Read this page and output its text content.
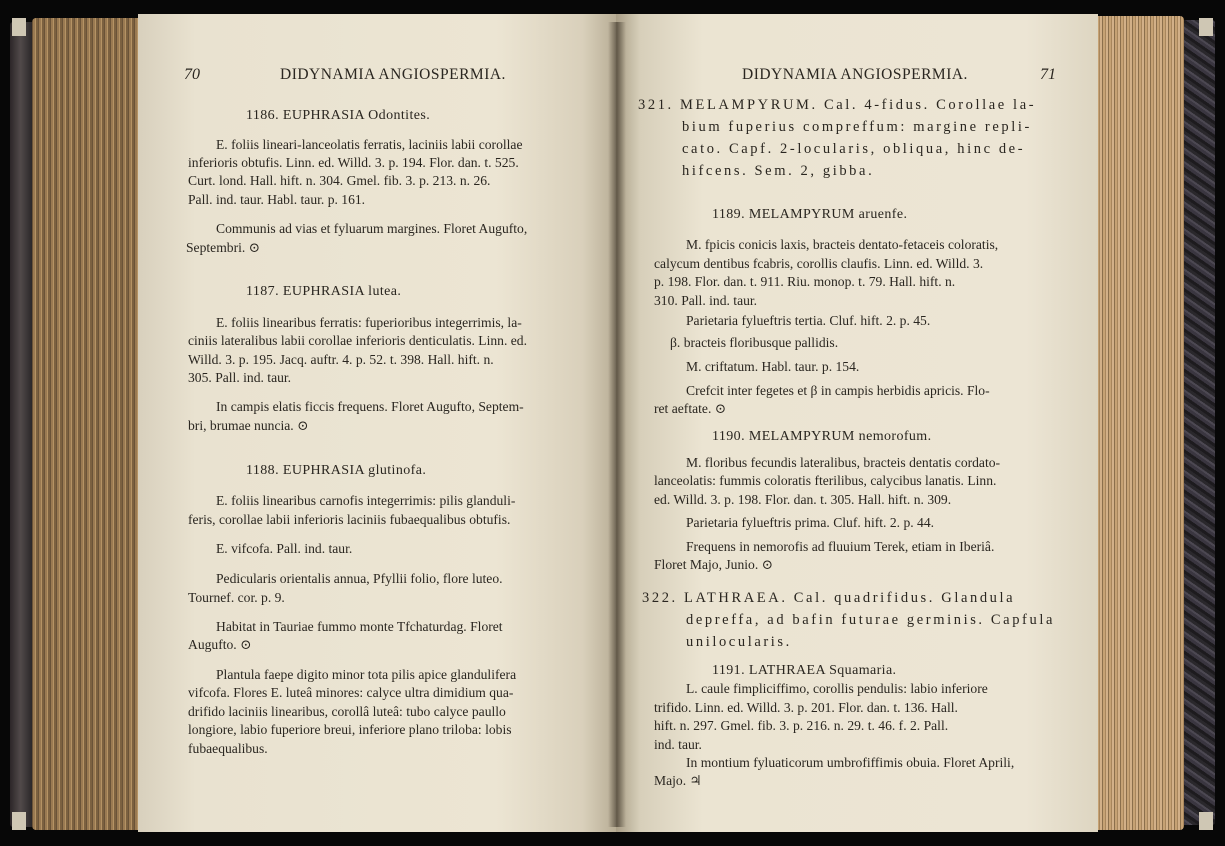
70	DIDYNAMIA ANGIOSPERMIA.
1186. EUPHRASIA Odontites.
E. foliis lineari-lanceolatis ferratis, laciniis labii corollae
inferioris obtufis. Linn. ed. Willd. 3. p. 194. Flor. dan. t. 525.
Curt. lond. Hall. hift. n. 304. Gmel. fib. 3. p. 213. n. 26.
Pall. ind. taur. Habl. taur. p. 161.
Communis ad vias et fyluarum margines. Floret Augufto,
Septembri. ⊙
1187. EUPHRASIA lutea.
E. foliis linearibus ferratis: fuperioribus integerrimis, la-
ciniis lateralibus labii corollae inferioris denticulatis. Linn. ed.
Willd. 3. p. 195. Jacq. auftr. 4. p. 52. t. 398. Hall. hift. n.
305. Pall. ind. taur.
In campis elatis ficcis frequens. Floret Augufto, Septem-
bri, brumae nuncia. ⊙
1188. EUPHRASIA glutinofa.
E. foliis linearibus carnofis integerrimis: pilis glanduli-
feris, corollae labii inferioris laciniis fubaequalibus obtufis.
E. vifcofa. Pall. ind. taur.
Pedicularis orientalis annua, Pfyllii folio, flore luteo.
Tournef. cor. p. 9.
Habitat in Tauriae fummo monte Tfchaturdag. Floret
Augufto. ⊙
Plantula faepe digito minor tota pilis apice glandulifera
vifcofa. Flores E. luteâ minores: calyce ultra dimidium qua-
drifido laciniis linearibus, corollâ luteâ: tubo calyce paullo
longiore, labio fuperiore breui, inferiore plano triloba: lobis
fubaequalibus.
DIDYNAMIA ANGIOSPERMIA.	71
321. MELAMPYRUM. Cal. 4-fidus. Corollae la-
bium fuperius compreffum: margine repli-
cato. Capf. 2-locularis, obliqua, hinc de-
hifcens. Sem. 2, gibba.
1189. MELAMPYRUM aruenfe.
M. fpicis conicis laxis, bracteis dentato-fetaceis coloratis,
calycum dentibus fcabris, corollis claufis. Linn. ed. Willd. 3.
p. 198. Flor. dan. t. 911. Riu. monop. t. 79. Hall. hift. n.
310. Pall. ind. taur.
Parietaria fylueftris tertia. Cluf. hift. 2. p. 45.
β. bracteis floribusque pallidis.
M. criftatum. Habl. taur. p. 154.
Crefcit inter fegetes et β in campis herbidis apricis. Flo-
ret aeftate. ⊙
1190. MELAMPYRUM nemorofum.
M. floribus fecundis lateralibus, bracteis dentatis cordato-
lanceolatis: fummis coloratis fterilibus, calycibus lanatis. Linn.
ed. Willd. 3. p. 198. Flor. dan. t. 305. Hall. hift. n. 309.
Parietaria fylueftris prima. Cluf. hift. 2. p. 44.
Frequens in nemorofis ad fluuium Terek, etiam in Iberiâ.
Floret Majo, Junio. ⊙
322. LATHRAEA. Cal. quadrifidus. Glandula
depreffa, ad bafin futurae germinis. Capfula
unilocularis.
1191. LATHRAEA Squamaria.
L. caule fimpliciffimo, corollis pendulis: labio inferiore
trifido. Linn. ed. Willd. 3. p. 201. Flor. dan. t. 136. Hall.
hift. n. 297. Gmel. fib. 3. p. 216. n. 29. t. 46. f. 2. Pall.
ind. taur.
In montium fyluaticorum umbrofiffimis obuia. Floret Aprili,
Majo. ♃
